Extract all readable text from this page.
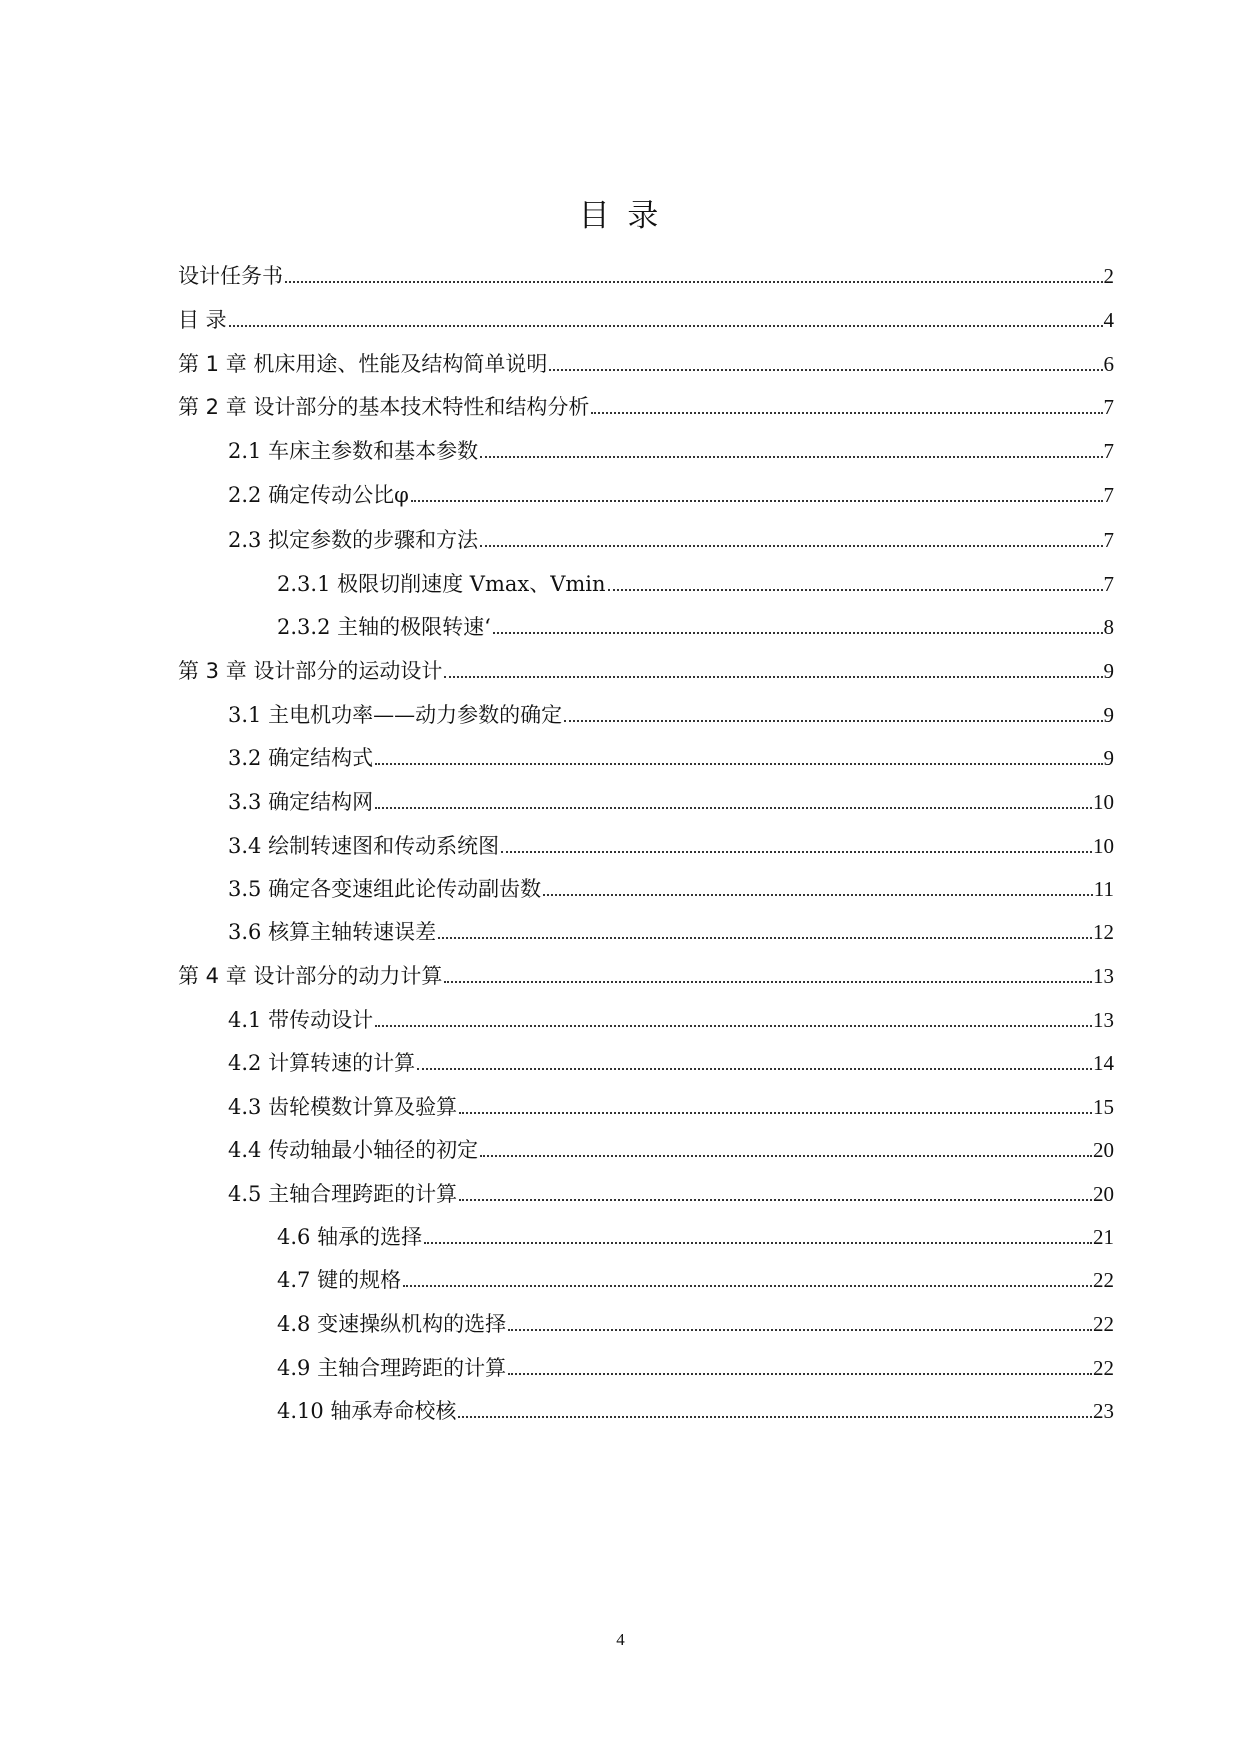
目 录
设计任务书	2
目 录	4
第 1 章 机床用途、性能及结构简单说明	6
第 2 章 设计部分的基本技术特性和结构分析	7
2.1 车床主参数和基本参数	7
2.2 确定传动公比φ	7
2.3 拟定参数的步骤和方法	7
2.3.1 极限切削速度 Vmax、Vmin	7
2.3.2 主轴的极限转速‘	8
第 3 章 设计部分的运动设计	9
3.1 主电机功率——动力参数的确定	9
3.2 确定结构式	9
3.3 确定结构网	10
3.4 绘制转速图和传动系统图	10
3.5 确定各变速组此论传动副齿数	11
3.6 核算主轴转速误差	12
第 4 章 设计部分的动力计算	13
4.1 带传动设计	13
4.2 计算转速的计算	14
4.3 齿轮模数计算及验算	15
4.4 传动轴最小轴径的初定	20
4.5 主轴合理跨距的计算	20
4.6 轴承的选择	21
4.7 键的规格	22
4.8 变速操纵机构的选择	22
4.9 主轴合理跨距的计算	22
4.10 轴承寿命校核	23
4
